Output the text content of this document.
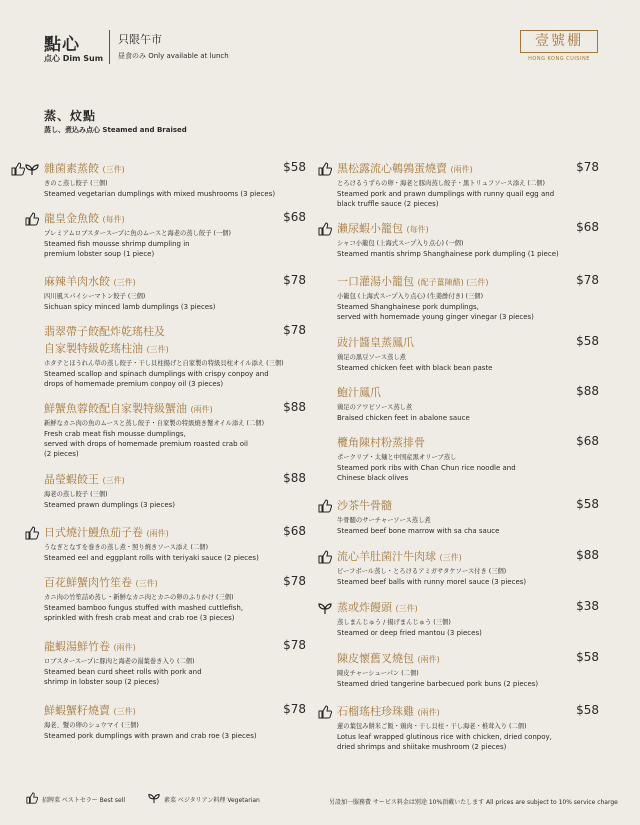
點心
点心 Dim Sum
只限午市
昼食のみ Only available at lunch
壹號棚
HONG KONG CUISINE
蒸、炆點
蒸し、煮込み点心 Steamed and Braised
雜菌素蒸餃 (三件)	$58
きのこ蒸し餃子 (三個)
Steamed vegetarian dumplings with mixed mushrooms (3 pieces)
龍皇金魚餃 (每件)	$68
プレミアムロブスタースープに魚のムースと海老の蒸し餃子 (一個)
Steamed fish mousse shrimp dumpling in
premium lobster soup (1 piece)
麻辣羊肉水餃 (三件)	$78
四川風スパイシーマトン餃子 (三個)
Sichuan spicy minced lamb dumplings (3 pieces)
翡翠帶子餃配炸乾瑤柱及
自家製特級乾瑤柱油 (三件)
$78
ホタテとほうれん草の蒸し餃子・干し貝柱揚げと自家製の特級貝柱オイル添え (三個)
Steamed scallop and spinach dumplings with crispy conpoy and
drops of homemade premium conpoy oil (3 pieces)
鮮蟹魚蓉餃配自家製特級蟹油 (兩件)	$88
新鮮なカニ肉の魚のムースと蒸し餃子・自家製の特級焼き蟹オイル添え (二個)
Fresh crab meat fish mousse dumplings,
served with drops of homemade premium roasted crab oil
(2 pieces)
晶瑩蝦餃王 (三件)	$88
海老の蒸し餃子 (三個)
Steamed prawn dumplings (3 pieces)
日式燒汁鰻魚茄子卷 (兩件)	$68
うなぎとなすを巻きの蒸し煮・照り焼きソース添え (二個)
Steamed eel and eggplant rolls with teriyaki sauce (2 pieces)
百花鮮蟹肉竹笙卷 (三件)	$78
カニ肉の竹笙詰め蒸し・新鮮なカニ肉とカニの卵のふりかけ (三個)
Steamed bamboo fungus stuffed with mashed cuttlefish,
sprinkled with fresh crab meat and crab roe (3 pieces)
龍蝦湯鮮竹卷 (兩件)	$78
ロブスタースープに豚肉と海老の湯葉巻き入り (二個)
Steamed bean curd sheet rolls with pork and
shrimp in lobster soup (2 pieces)
鮮蝦蟹籽燒賣 (三件)	$78
海老、蟹の卵のシュウマイ (三個)
Steamed pork dumplings with prawn and crab roe (3 pieces)
黑松露流心鵪鶉蛋燒賣 (兩件)	$78
とろけるうずらの卵・海老と豚肉蒸し餃子・黒トリュフソース添え (二個)
Steamed pork and prawn dumplings with runny quail egg and
black truffle sauce (2 pieces)
瀨尿蝦小籠包 (每件)	$68
シャコ小籠包 (上海式スープ入り点心) (一個)
Steamed mantis shrimp Shanghainese pork dumpling (1 piece)
一口灌湯小籠包 (配子薑陳醋) (三件)	$78
小籠包 (上海式スープ入り点心) (生姜酢付き) (三個)
Steamed Shanghainese pork dumplings,
served with homemade young ginger vinegar (3 pieces)
豉汁醬皇蒸鳳爪	$58
鶏足の黒豆ソース蒸し煮
Steamed chicken feet with black bean paste
鮑汁鳳爪	$88
鶏足のアワビソース蒸し煮
Braised chicken feet in abalone sauce
欖角陳村粉蒸排骨	$68
ポークリブ・太麺と中国産黒オリーブ蒸し
Steamed pork ribs with Chan Chun rice noodle and
Chinese black olives
沙茶牛骨髓	$58
牛骨髄のサーチャーソース蒸し煮
Steamed beef bone marrow with sa cha sauce
流心羊肚菌汁牛肉球 (三件)	$88
ビーフボール蒸し・とろけるアミガサタケソース付き (三個)
Steamed beef balls with runny morel sauce (3 pieces)
蒸或炸饅頭 (三件)	$38
蒸しまんじゅう / 揚げまんじゅう (三個)
Steamed or deep fried mantou (3 pieces)
陳皮懷舊叉燒包 (兩件)	$58
陳皮チャーシューパン (二個)
Steamed dried tangerine barbecued pork buns (2 pieces)
石榴瑤柱珍珠雞 (兩件)	$58
蓮の葉包み餅米ご飯・鶏肉・干し貝柱・干し海老・椎茸入り (二個)
Lotus leaf wrapped glutinous rice with chicken, dried conpoy,
dried shrimps and shiitake mushroom (2 pieces)
招牌菜 ベストセラー Best sell	素菜 ベジタリアン料理 Vegetarian	另設加一服務費 サービス料金は別途 10%頂戴いたします All prices are subject to 10% service charge
